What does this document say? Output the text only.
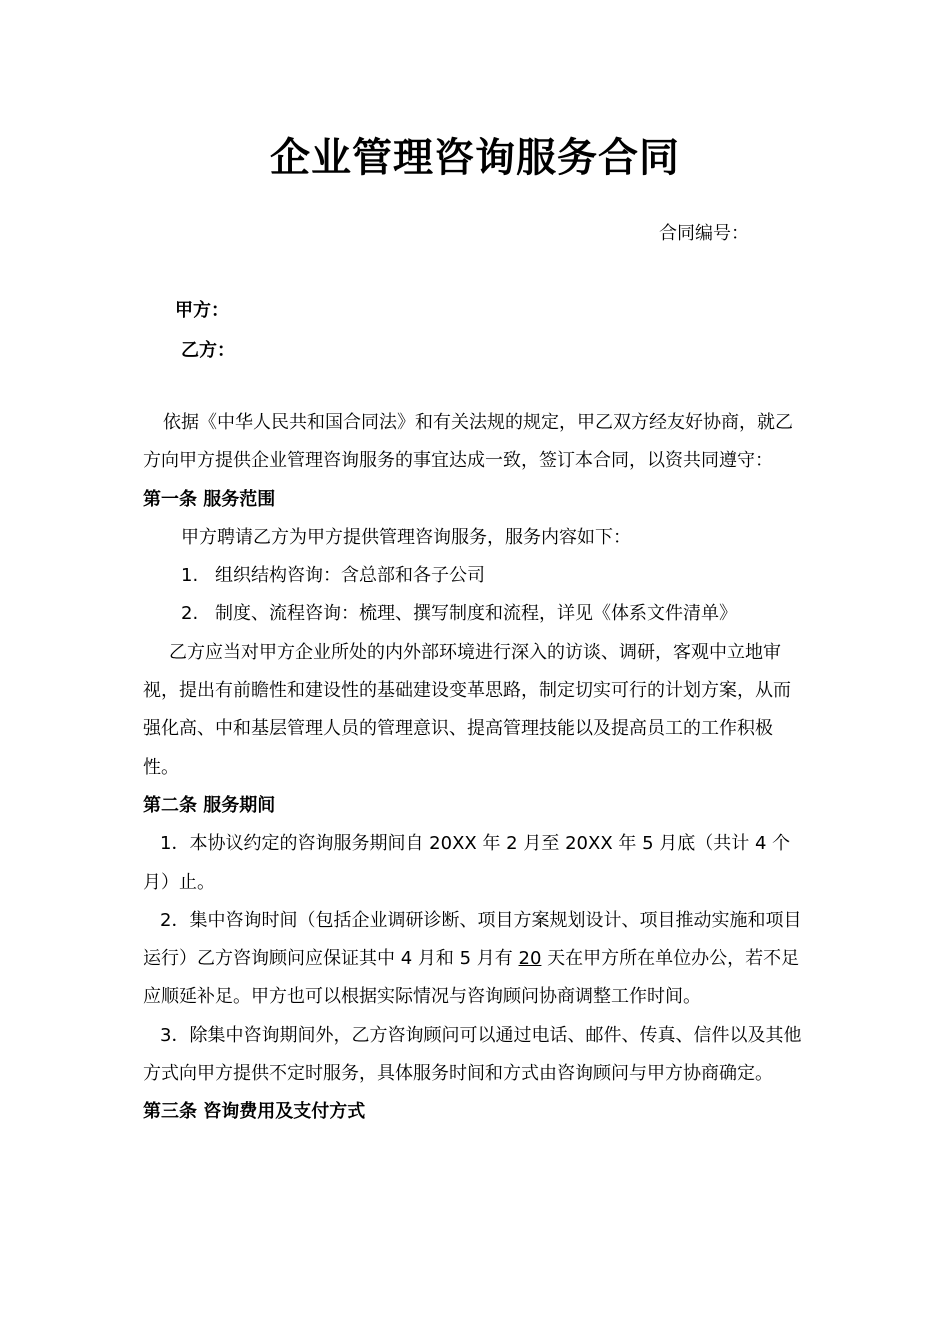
企业管理咨询服务合同
合同编号：
甲方：
乙方：

依据《中华人民共和国合同法》和有关法规的规定，甲乙双方经友好协商，就乙方向甲方提供企业管理咨询服务的事宜达成一致，签订本合同，以资共同遵守：

第一条 服务范围

甲方聘请乙方为甲方提供管理咨询服务，服务内容如下：

1. 组织结构咨询：含总部和各子公司

2. 制度、流程咨询：梳理、撰写制度和流程，详见《体系文件清单》

乙方应当对甲方企业所处的内外部环境进行深入的访谈、调研，客观中立地审视，提出有前瞻性和建设性的基础建设变革思路，制定切实可行的计划方案，从而强化高、中和基层管理人员的管理意识、提高管理技能以及提高员工的工作积极性。

第二条 服务期间

1．本协议约定的咨询服务期间自 20XX 年 2 月至 20XX 年 5 月底（共计 4 个月）止。

2．集中咨询时间（包括企业调研诊断、项目方案规划设计、项目推动实施和项目运行）乙方咨询顾问应保证其中 4 月和 5 月有 20 天在甲方所在单位办公，若不足应顺延补足。甲方也可以根据实际情况与咨询顾问协商调整工作时间。

3．除集中咨询期间外，乙方咨询顾问可以通过电话、邮件、传真、信件以及其他方式向甲方提供不定时服务，具体服务时间和方式由咨询顾问与甲方协商确定。

第三条 咨询费用及支付方式
